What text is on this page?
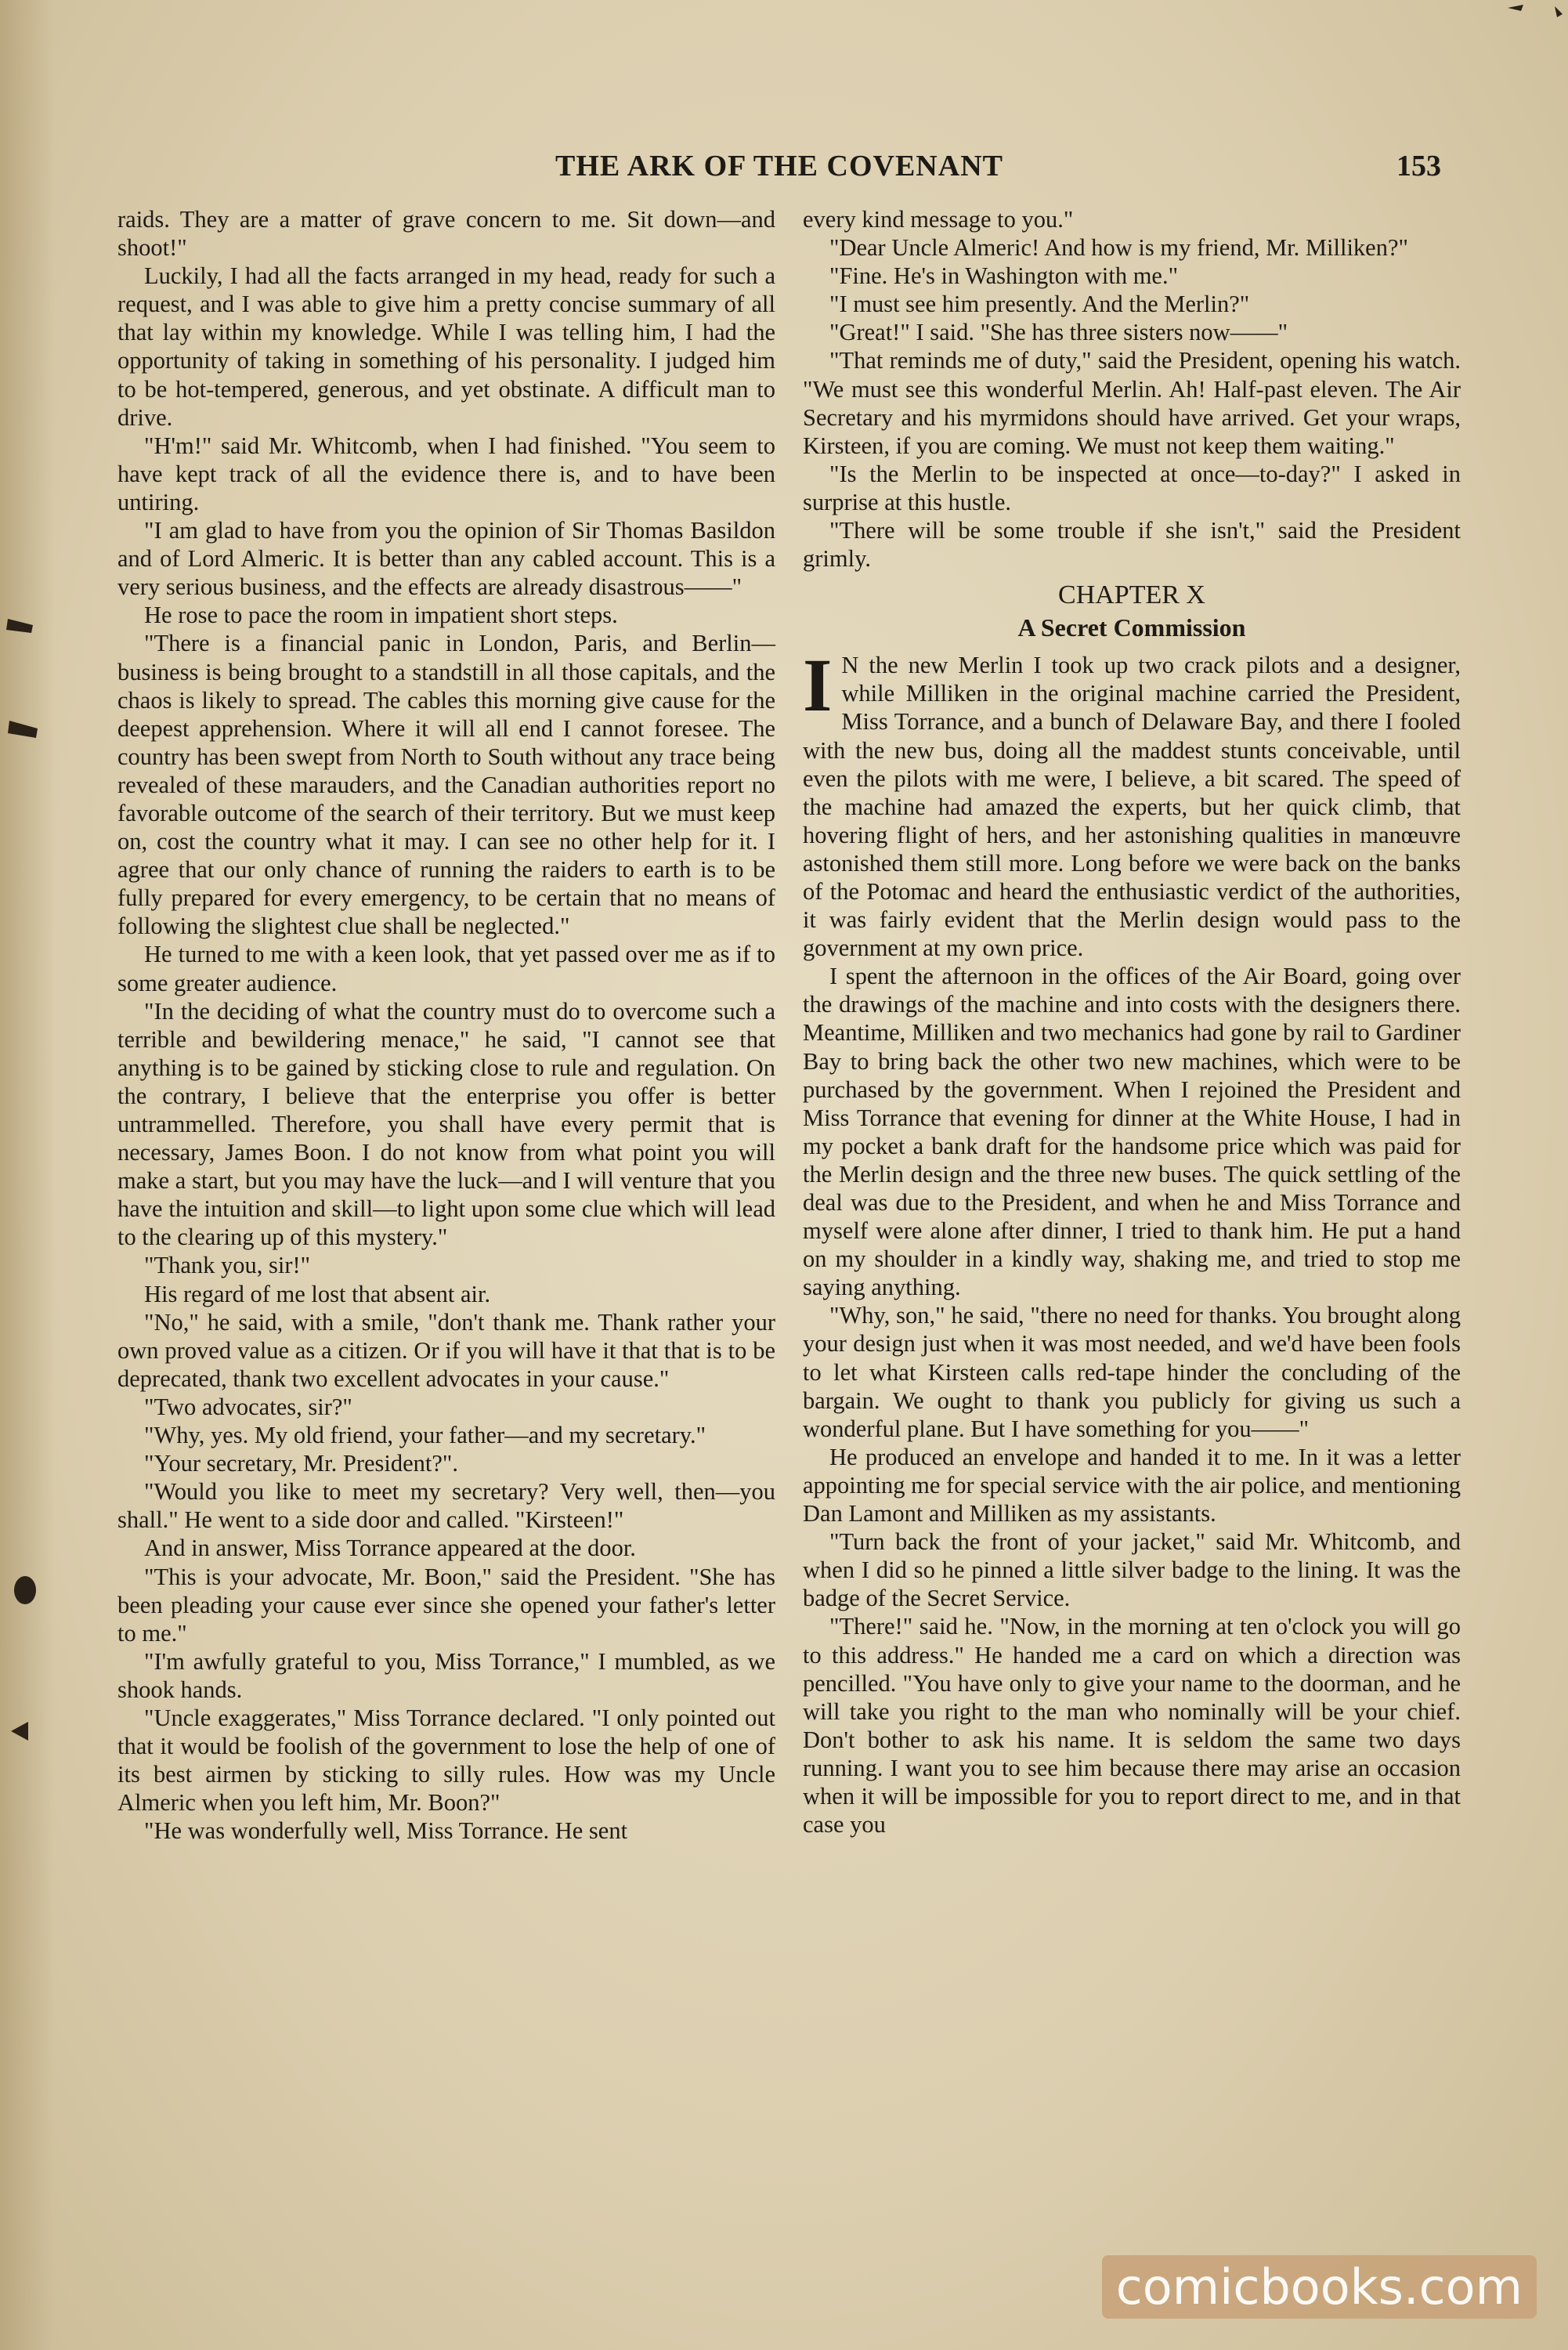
THE ARK OF THE COVENANT	153

raids. They are a matter of grave concern to me. Sit down—and shoot!"

Luckily, I had all the facts arranged in my head, ready for such a request, and I was able to give him a pretty concise summary of all that lay within my knowledge. While I was telling him, I had the opportunity of taking in something of his personality. I judged him to be hot-tempered, generous, and yet obstinate. A difficult man to drive.

"H'm!" said Mr. Whitcomb, when I had finished. "You seem to have kept track of all the evidence there is, and to have been untiring.

"I am glad to have from you the opinion of Sir Thomas Basildon and of Lord Almeric. It is better than any cabled account. This is a very serious business, and the effects are already disastrous——"

He rose to pace the room in impatient short steps.

"There is a financial panic in London, Paris, and Berlin—business is being brought to a standstill in all those capitals, and the chaos is likely to spread. The cables this morning give cause for the deepest apprehension. Where it will all end I cannot foresee. The country has been swept from North to South without any trace being revealed of these marauders, and the Canadian authorities report no favorable outcome of the search of their territory. But we must keep on, cost the country what it may. I can see no other help for it. I agree that our only chance of running the raiders to earth is to be fully prepared for every emergency, to be certain that no means of following the slightest clue shall be neglected."

He turned to me with a keen look, that yet passed over me as if to some greater audience.

"In the deciding of what the country must do to overcome such a terrible and bewildering menace," he said, "I cannot see that anything is to be gained by sticking close to rule and regulation. On the contrary, I believe that the enterprise you offer is better untrammelled. Therefore, you shall have every permit that is necessary, James Boon. I do not know from what point you will make a start, but you may have the luck—and I will venture that you have the intuition and skill—to light upon some clue which will lead to the clearing up of this mystery."

"Thank you, sir!"

His regard of me lost that absent air.

"No," he said, with a smile, "don't thank me. Thank rather your own proved value as a citizen. Or if you will have it that that is to be deprecated, thank two excellent advocates in your cause."

"Two advocates, sir?"

"Why, yes. My old friend, your father—and my secretary."

"Your secretary, Mr. President?".

"Would you like to meet my secretary? Very well, then—you shall." He went to a side door and called. "Kirsteen!"

And in answer, Miss Torrance appeared at the door.

"This is your advocate, Mr. Boon," said the President. "She has been pleading your cause ever since she opened your father's letter to me."

"I'm awfully grateful to you, Miss Torrance," I mumbled, as we shook hands.

"Uncle exaggerates," Miss Torrance declared. "I only pointed out that it would be foolish of the government to lose the help of one of its best airmen by sticking to silly rules. How was my Uncle Almeric when you left him, Mr. Boon?"

"He was wonderfully well, Miss Torrance. He sent

every kind message to you."

"Dear Uncle Almeric! And how is my friend, Mr. Milliken?"

"Fine. He's in Washington with me."

"I must see him presently. And the Merlin?"

"Great!" I said. "She has three sisters now——"

"That reminds me of duty," said the President, opening his watch. "We must see this wonderful Merlin. Ah! Half-past eleven. The Air Secretary and his myrmidons should have arrived. Get your wraps, Kirsteen, if you are coming. We must not keep them waiting."

"Is the Merlin to be inspected at once—to-day?" I asked in surprise at this hustle.

"There will be some trouble if she isn't," said the President grimly.

CHAPTER X
A Secret Commission
I N the new Merlin I took up two crack pilots and a designer, while Milliken in the original machine carried the President, Miss Torrance, and a bunch of Delaware Bay, and there I fooled with the new bus, doing all the maddest stunts conceivable, until even the pilots with me were, I believe, a bit scared. The speed of the machine had amazed the experts, but her quick climb, that hovering flight of hers, and her astonishing qualities in manœuvre astonished them still more. Long before we were back on the banks of the Potomac and heard the enthusiastic verdict of the authorities, it was fairly evident that the Merlin design would pass to the government at my own price.

I spent the afternoon in the offices of the Air Board, going over the drawings of the machine and into costs with the designers there. Meantime, Milliken and two mechanics had gone by rail to Gardiner Bay to bring back the other two new machines, which were to be purchased by the government. When I rejoined the President and Miss Torrance that evening for dinner at the White House, I had in my pocket a bank draft for the handsome price which was paid for the Merlin design and the three new buses. The quick settling of the deal was due to the President, and when he and Miss Torrance and myself were alone after dinner, I tried to thank him. He put a hand on my shoulder in a kindly way, shaking me, and tried to stop me saying anything.

"Why, son," he said, "there no need for thanks. You brought along your design just when it was most needed, and we'd have been fools to let what Kirsteen calls red-tape hinder the concluding of the bargain. We ought to thank you publicly for giving us such a wonderful plane. But I have something for you——"

He produced an envelope and handed it to me. In it was a letter appointing me for special service with the air police, and mentioning Dan Lamont and Milliken as my assistants.

"Turn back the front of your jacket," said Mr. Whitcomb, and when I did so he pinned a little silver badge to the lining. It was the badge of the Secret Service.

"There!" said he. "Now, in the morning at ten o'clock you will go to this address." He handed me a card on which a direction was pencilled. "You have only to give your name to the doorman, and he will take you right to the man who nominally will be your chief. Don't bother to ask his name. It is seldom the same two days running. I want you to see him because there may arise an occasion when it will be impossible for you to report direct to me, and in that case you

comicbooks.com
